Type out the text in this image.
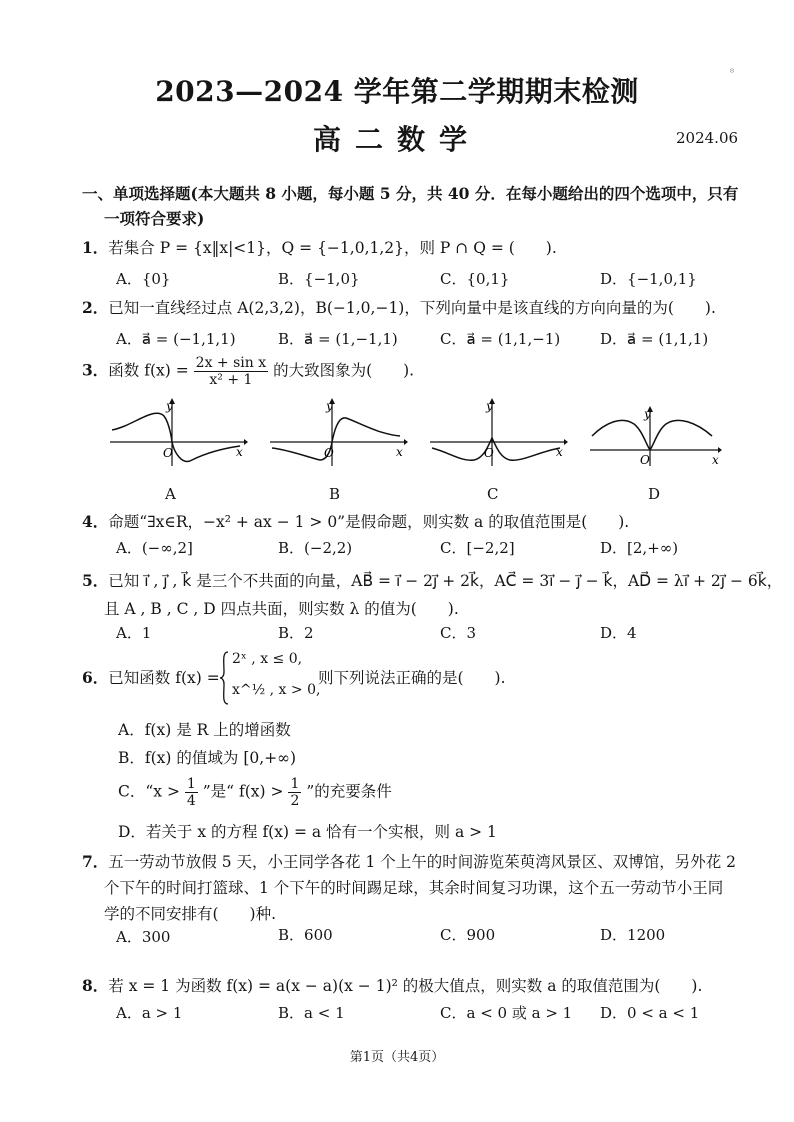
2023—2024 学年第二学期期末检测
高二数学	2024.06
⁸
一、单项选择题(本大题共 8 小题，每小题 5 分，共 40 分．在每小题给出的四个选项中，只有
一项符合要求)
1．若集合 P = {x‖x|<1}，Q = {−1,0,1,2}，则 P ∩ Q = (　　).
A．{0}	B．{−1,0}	C．{0,1}	D．{−1,0,1}
2．已知一直线经过点 A(2,3,2)，B(−1,0,−1)，下列向量中是该直线的方向向量的为(　　).
A．a⃗ = (−1,1,1)	B．a⃗ = (1,−1,1)	C．a⃗ = (1,1,−1)	D．a⃗ = (1,1,1)
3．函数 $f(x) = \frac{\text{2x + sin x}}{\text{x² + 1}}$ 的大致图象为(　　).
y
x
O
A
y
x
O
B
y
x
O
C
y
x
O
D
4．命题“∃x∈R，−x² + ax − 1 > 0”是假命题，则实数 a 的取值范围是(　　).
A．(−∞,2]	B．(−2,2)	C．[−2,2]	D．[2,+∞)
5．已知 i⃗ , j⃗ , k⃗ 是三个不共面的向量，AB⃗ = i⃗ − 2j⃗ + 2k⃗，AC⃗ = 3i⃗ − j⃗ − k⃗，AD⃗ = λi⃗ + 2j⃗ − 6k⃗，
且 A , B , C , D 四点共面，则实数 λ 的值为(　　).
A．1	B．2	C．3	D．4
6．已知函数 f(x) =
2ˣ , x ≤ 0,
x^½ , x > 0,
则下列说法正确的是(　　).
A．f(x) 是 R 上的增函数
B．f(x) 的值域为 [0,+∞)
C．“$x > \frac{1}{4}$ ”是“ $f(x) > \frac{1}{2}$ ”的充要条件
D．若关于 x 的方程 f(x) = a 恰有一个实根，则 a > 1
7．五一劳动节放假 5 天，小王同学各花 1 个上午的时间游览茱萸湾风景区、双博馆，另外花 2
个下午的时间打篮球、1 个下午的时间踢足球，其余时间复习功课，这个五一劳动节小王同
学的不同安排有(　　)种.
A．300	B．600	C．900	D．1200
8．若 x = 1 为函数 f(x) = a(x − a)(x − 1)² 的极大值点，则实数 a 的取值范围为(　　).
A．a > 1	B．a < 1	C．a < 0 或 a > 1 D．0 < a < 1
第1页（共4页）
